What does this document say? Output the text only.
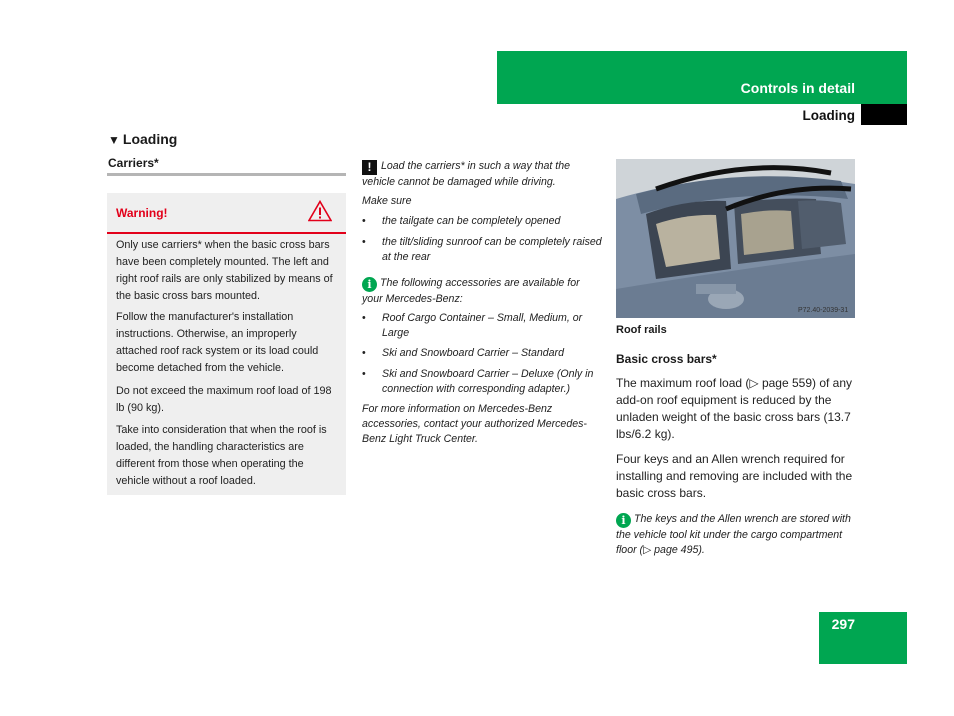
Controls in detail
Loading
▼ Loading
Carriers*
Warning!
Only use carriers* when the basic cross bars have been completely mounted. The left and right roof rails are only stabilized by means of the basic cross bars mounted.
Follow the manufacturer's installation instructions. Otherwise, an improperly attached roof rack system or its load could become detached from the vehicle.
Do not exceed the maximum roof load of 198 lb (90 kg).
Take into consideration that when the roof is loaded, the handling characteristics are different from those when operating the vehicle without a roof loaded.
! Load the carriers* in such a way that the vehicle cannot be damaged while driving.
Make sure
• the tailgate can be completely opened
• the tilt/sliding sunroof can be completely raised at the rear
i The following accessories are available for your Mercedes-Benz:
• Roof Cargo Container – Small, Medium, or Large
• Ski and Snowboard Carrier – Standard
• Ski and Snowboard Carrier – Deluxe (Only in connection with corresponding adapter.)
For more information on Mercedes-Benz accessories, contact your authorized Mercedes-Benz Light Truck Center.
P72.40-2039-31
Roof rails
Basic cross bars*
The maximum roof load (▷ page 559) of any add-on roof equipment is reduced by the unladen weight of the basic cross bars (13.7 lbs/6.2 kg).
Four keys and an Allen wrench required for installing and removing are included with the basic cross bars.
i The keys and the Allen wrench are stored with the vehicle tool kit under the cargo compartment floor (▷ page 495).
297
